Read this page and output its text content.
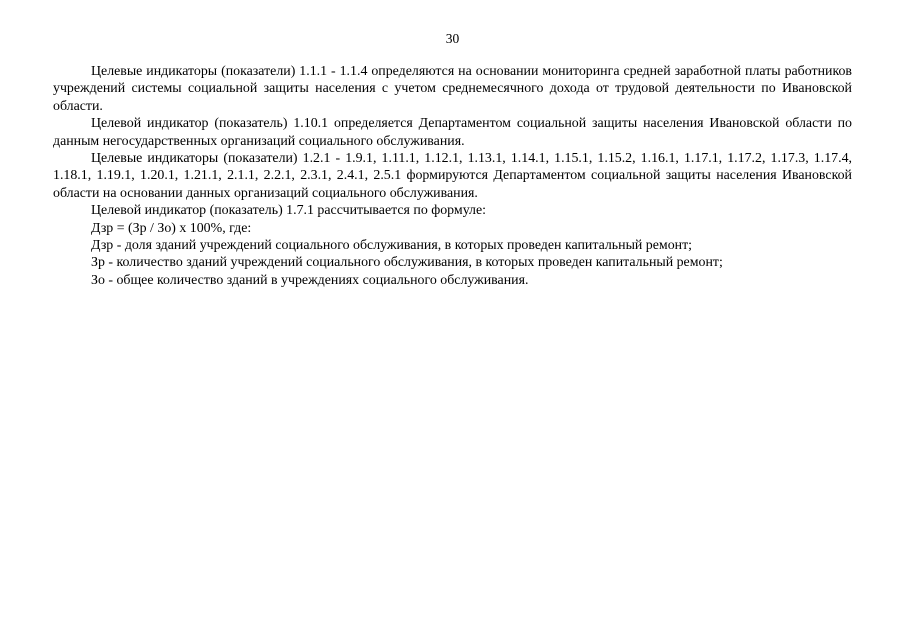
30

Целевые индикаторы (показатели) 1.1.1 - 1.1.4 определяются на основании мониторинга средней заработной платы работников учреждений системы социальной защиты населения с учетом среднемесячного дохода от трудовой деятельности по Ивановской области.

Целевой индикатор (показатель) 1.10.1 определяется Департаментом социальной защиты населения Ивановской области по данным негосударственных организаций социального обслуживания.

Целевые индикаторы (показатели) 1.2.1 - 1.9.1, 1.11.1, 1.12.1, 1.13.1, 1.14.1, 1.15.1, 1.15.2, 1.16.1, 1.17.1, 1.17.2, 1.17.3, 1.17.4, 1.18.1, 1.19.1, 1.20.1, 1.21.1, 2.1.1, 2.2.1, 2.3.1, 2.4.1, 2.5.1 формируются Департаментом социальной защиты населения Ивановской области на основании данных организаций социального обслуживания.

Целевой индикатор (показатель) 1.7.1 рассчитывается по формуле:

Дзр = (Зр / Зо) x 100%, где:

Дзр - доля зданий учреждений социального обслуживания, в которых проведен капитальный ремонт;

Зр - количество зданий учреждений социального обслуживания, в которых проведен капитальный ремонт;

Зо - общее количество зданий в учреждениях социального обслуживания.
